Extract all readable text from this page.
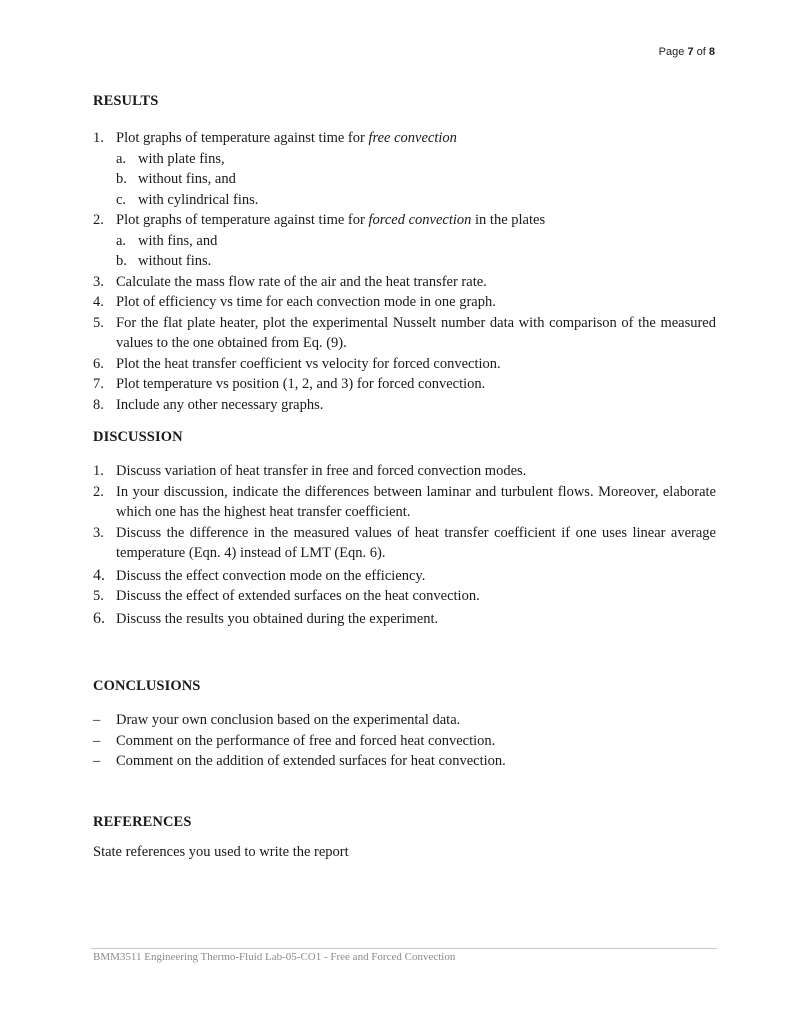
Page 7 of 8
RESULTS
1. Plot graphs of temperature against time for free convection
a. with plate fins,
b. without fins, and
c. with cylindrical fins.
2. Plot graphs of temperature against time for forced convection in the plates
a. with fins, and
b. without fins.
3. Calculate the mass flow rate of the air and the heat transfer rate.
4. Plot of efficiency vs time for each convection mode in one graph.
5. For the flat plate heater, plot the experimental Nusselt number data with comparison of the measured values to the one obtained from Eq. (9).
6. Plot the heat transfer coefficient vs velocity for forced convection.
7. Plot temperature vs position (1, 2, and 3) for forced convection.
8. Include any other necessary graphs.
DISCUSSION
1. Discuss variation of heat transfer in free and forced convection modes.
2. In your discussion, indicate the differences between laminar and turbulent flows. Moreover, elaborate which one has the highest heat transfer coefficient.
3. Discuss the difference in the measured values of heat transfer coefficient if one uses linear average temperature (Eqn. 4) instead of LMT (Eqn. 6).
4. Discuss the effect convection mode on the efficiency.
5. Discuss the effect of extended surfaces on the heat convection.
6. Discuss the results you obtained during the experiment.
CONCLUSIONS
– Draw your own conclusion based on the experimental data.
– Comment on the performance of free and forced heat convection.
– Comment on the addition of extended surfaces for heat convection.
REFERENCES
State references you used to write the report
BMM3511 Engineering Thermo-Fluid Lab-05-CO1 - Free and Forced Convection
